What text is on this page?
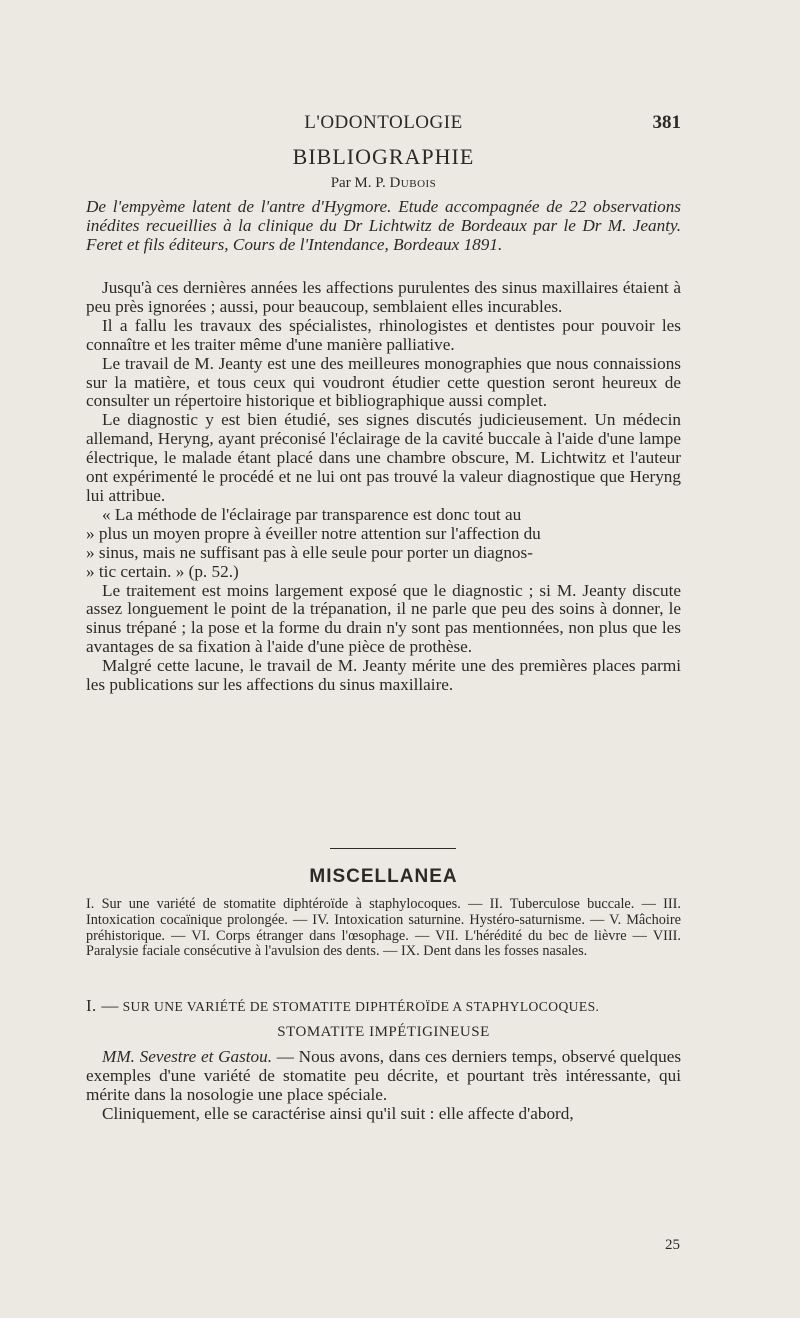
L'ODONTOLOGIE	381
BIBLIOGRAPHIE
Par M. P. Dubois

De l'empyème latent de l'antre d'Hygmore. Etude accompagnée de 22 observations inédites recueillies à la clinique du Dr Lichtwitz de Bordeaux par le Dr M. Jeanty. Feret et fils éditeurs, Cours de l'Intendance, Bordeaux 1891.

Jusqu'à ces dernières années les affections purulentes des sinus maxillaires étaient à peu près ignorées ; aussi, pour beaucoup, semblaient elles incurables.

Il a fallu les travaux des spécialistes, rhinologistes et dentistes pour pouvoir les connaître et les traiter même d'une manière palliative.

Le travail de M. Jeanty est une des meilleures monographies que nous connaissions sur la matière, et tous ceux qui voudront étudier cette question seront heureux de consulter un répertoire historique et bibliographique aussi complet.

Le diagnostic y est bien étudié, ses signes discutés judicieusement. Un médecin allemand, Heryng, ayant préconisé l'éclairage de la cavité buccale à l'aide d'une lampe électrique, le malade étant placé dans une chambre obscure, M. Lichtwitz et l'auteur ont expérimenté le procédé et ne lui ont pas trouvé la valeur diagnostique que Heryng lui attribue.

« La méthode de l'éclairage par transparence est donc tout au

» plus un moyen propre à éveiller notre attention sur l'affection du

» sinus, mais ne suffisant pas à elle seule pour porter un diagnos-

» tic certain. » (p. 52.)

Le traitement est moins largement exposé que le diagnostic ; si M. Jeanty discute assez longuement le point de la trépanation, il ne parle que peu des soins à donner, le sinus trépané ; la pose et la forme du drain n'y sont pas mentionnées, non plus que les avantages de sa fixation à l'aide d'une pièce de prothèse.

Malgré cette lacune, le travail de M. Jeanty mérite une des premières places parmi les publications sur les affections du sinus maxillaire.

MISCELLANEA

I. Sur une variété de stomatite diphtéroïde à staphylocoques. — II. Tuberculose buccale. — III. Intoxication cocaïnique prolongée. — IV. Intoxication saturnine. Hystéro-saturnisme. — V. Mâchoire préhistorique. — VI. Corps étranger dans l'œsophage. — VII. L'hérédité du bec de lièvre — VIII. Paralysie faciale consécutive à l'avulsion des dents. — IX. Dent dans les fosses nasales.

I. — SUR UNE VARIÉTÉ DE STOMATITE DIPHTÉROÏDE A STAPHYLOCOQUES.
STOMATITE IMPÉTIGINEUSE

MM. Sevestre et Gastou. — Nous avons, dans ces derniers temps, observé quelques exemples d'une variété de stomatite peu décrite, et pourtant très intéressante, qui mérite dans la nosologie une place spéciale.

Cliniquement, elle se caractérise ainsi qu'il suit : elle affecte d'abord,

25
